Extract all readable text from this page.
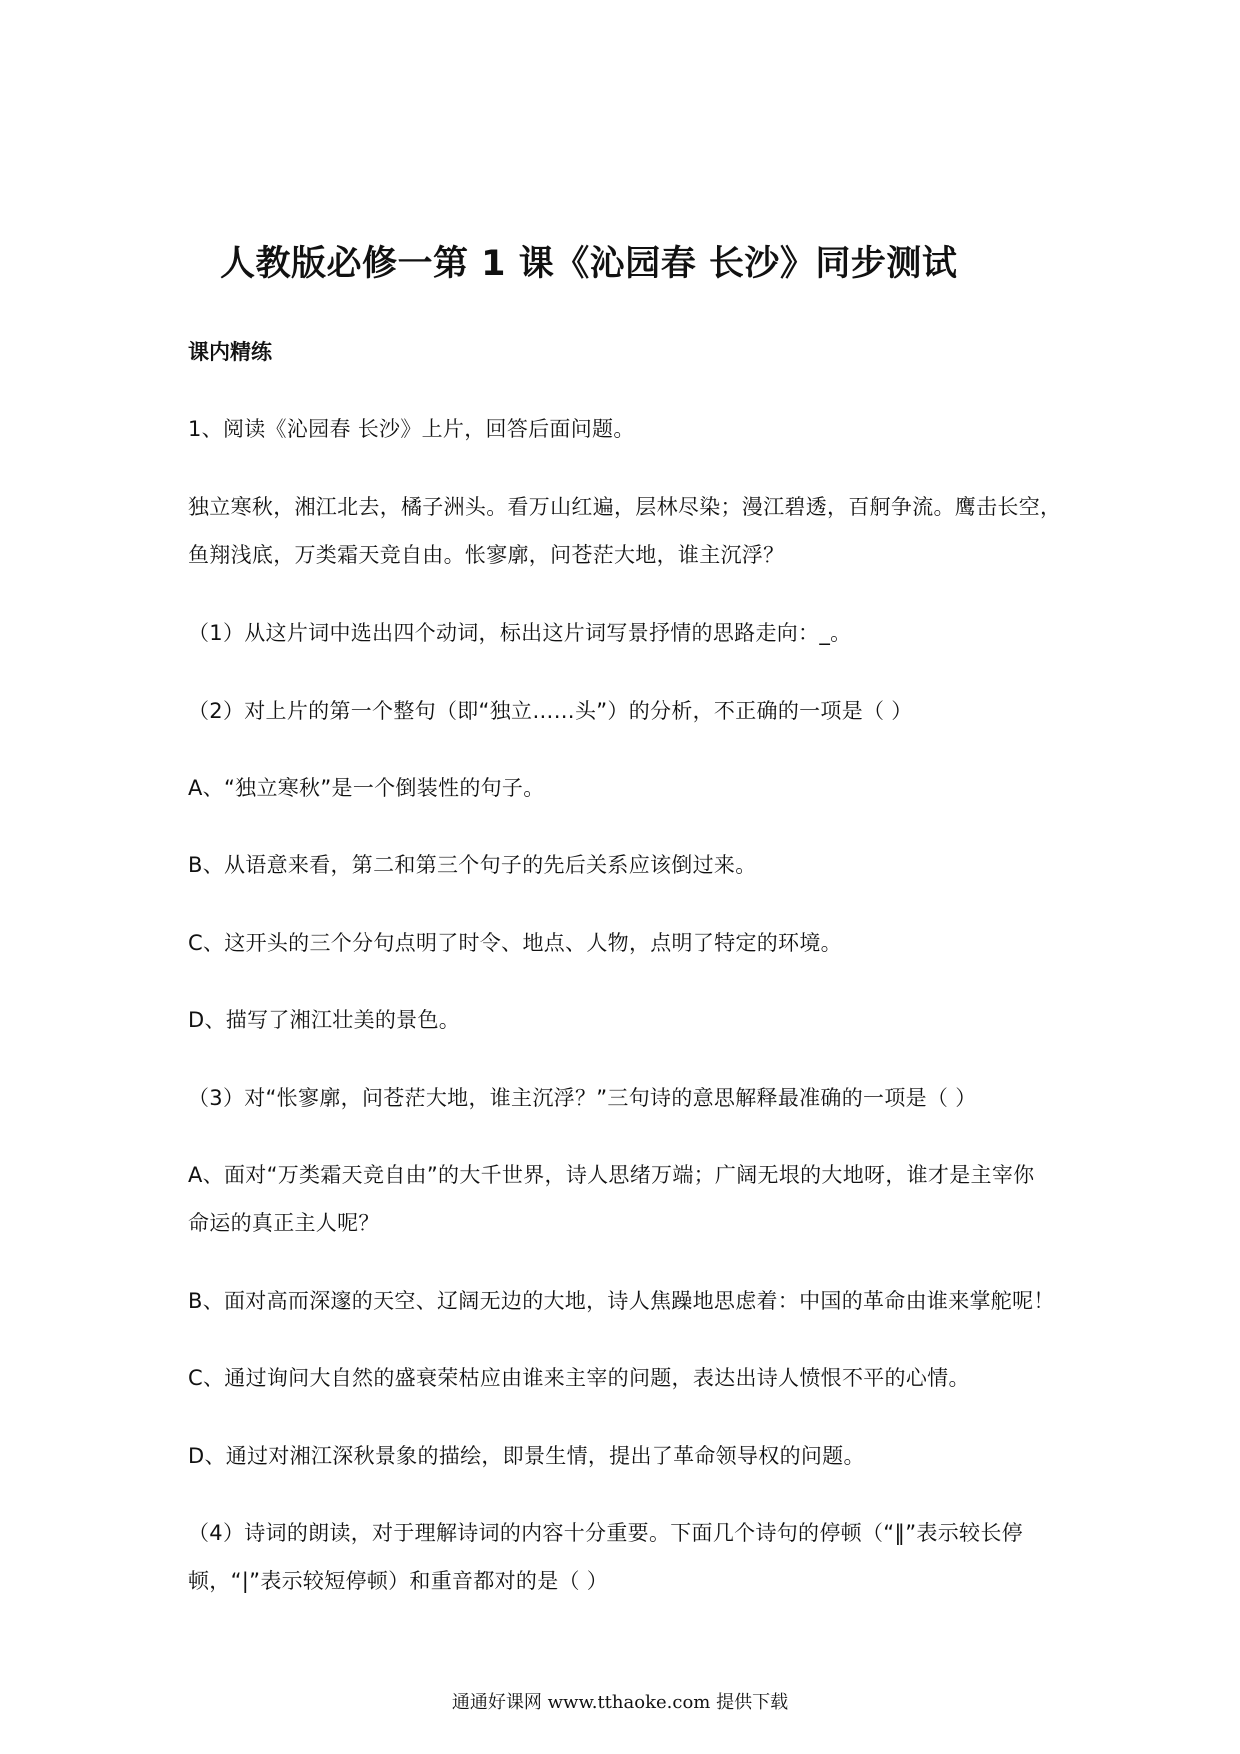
人教版必修一第 1 课《沁园春 长沙》同步测试
课内精练
1、阅读《沁园春 长沙》上片，回答后面问题。
独立寒秋，湘江北去，橘子洲头。看万山红遍，层林尽染；漫江碧透，百舸争流。鹰击长空，
鱼翔浅底，万类霜天竞自由。怅寥廓，问苍茫大地，谁主沉浮？
（1）从这片词中选出四个动词，标出这片词写景抒情的思路走向：_。
（2）对上片的第一个整句（即“独立……头”）的分析，不正确的一项是（ ）
A、“独立寒秋”是一个倒装性的句子。
B、从语意来看，第二和第三个句子的先后关系应该倒过来。
C、这开头的三个分句点明了时令、地点、人物，点明了特定的环境。
D、描写了湘江壮美的景色。
（3）对“怅寥廓，问苍茫大地，谁主沉浮？”三句诗的意思解释最准确的一项是（ ）
A、面对“万类霜天竞自由”的大千世界，诗人思绪万端；广阔无垠的大地呀，谁才是主宰你
命运的真正主人呢？
B、面对高而深邃的天空、辽阔无边的大地，诗人焦躁地思虑着：中国的革命由谁来掌舵呢！
C、通过询问大自然的盛衰荣枯应由谁来主宰的问题，表达出诗人愤恨不平的心情。
D、通过对湘江深秋景象的描绘，即景生情，提出了革命领导权的问题。
（4）诗词的朗读，对于理解诗词的内容十分重要。下面几个诗句的停顿（“‖”表示较长停
顿，“|”表示较短停顿）和重音都对的是（ ）
通通好课网 www.tthaoke.com 提供下载
